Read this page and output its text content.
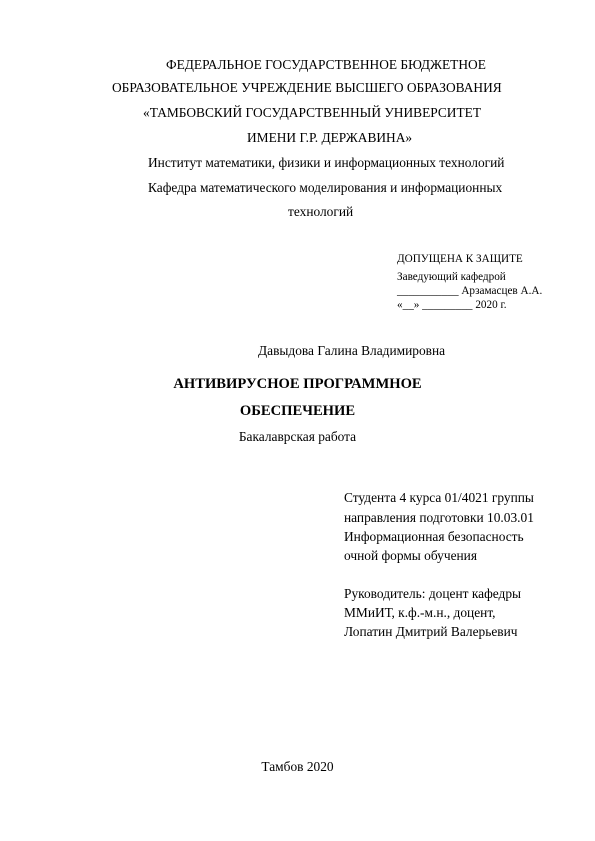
ФЕДЕРАЛЬНОЕ ГОСУДАРСТВЕННОЕ БЮДЖЕТНОЕ
ОБРАЗОВАТЕЛЬНОЕ УЧРЕЖДЕНИЕ ВЫСШЕГО ОБРАЗОВАНИЯ
«ТАМБОВСКИЙ ГОСУДАРСТВЕННЫЙ УНИВЕРСИТЕТ
ИМЕНИ Г.Р. ДЕРЖАВИНА»
Институт математики, физики и информационных технологий
Кафедра математического моделирования и информационных
технологий
ДОПУЩЕНА К ЗАЩИТЕ
Заведующий кафедрой
___________ Арзамасцев А.А.
«__» _________ 2020 г.
Давыдова Галина Владимировна
АНТИВИРУСНОЕ ПРОГРАММНОЕ
ОБЕСПЕЧЕНИЕ
Бакалаврская работа
Студента 4 курса 01/4021 группы
направления подготовки 10.03.01
Информационная безопасность
очной формы обучения
Руководитель: доцент кафедры
ММиИТ, к.ф.-м.н., доцент,
Лопатин Дмитрий Валерьевич
Тамбов 2020
